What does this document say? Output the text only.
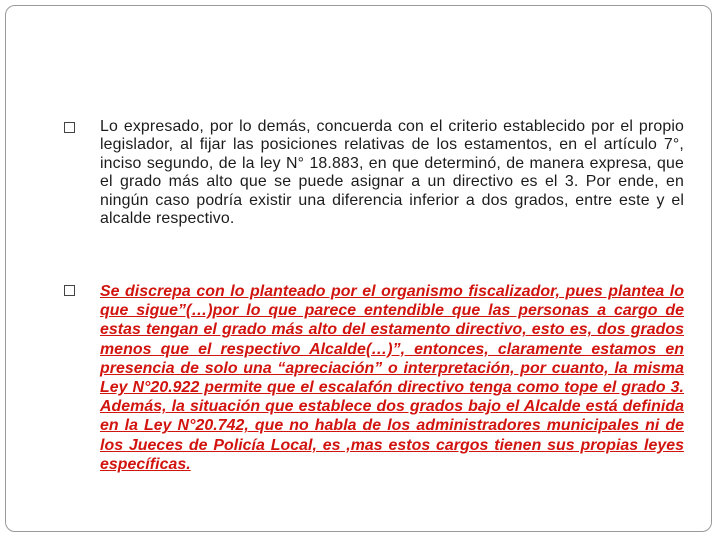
Lo expresado, por lo demás, concuerda con el criterio establecido por el propio legislador, al fijar las posiciones relativas de los estamentos, en el artículo 7°, inciso segundo, de la ley N° 18.883, en que determinó, de manera expresa, que el grado más alto que se puede asignar a un directivo es el 3. Por ende, en ningún caso podría existir una diferencia inferior a dos grados, entre este y el alcalde respectivo.
Se discrepa con lo planteado por el organismo fiscalizador, pues plantea lo que sigue”(…)por lo que parece entendible que las personas a cargo de estas tengan el grado más alto del estamento directivo, esto es, dos grados menos que el respectivo Alcalde(…)”, entonces, claramente estamos en presencia de solo una “apreciación” o interpretación, por cuanto, la misma Ley N°20.922 permite que el escalafón directivo tenga como tope el grado 3. Además, la situación que establece dos grados bajo el Alcalde está definida en la Ley N°20.742, que no habla de los administradores municipales ni de los Jueces de Policía Local, es ,mas estos cargos tienen sus propias leyes específicas.
